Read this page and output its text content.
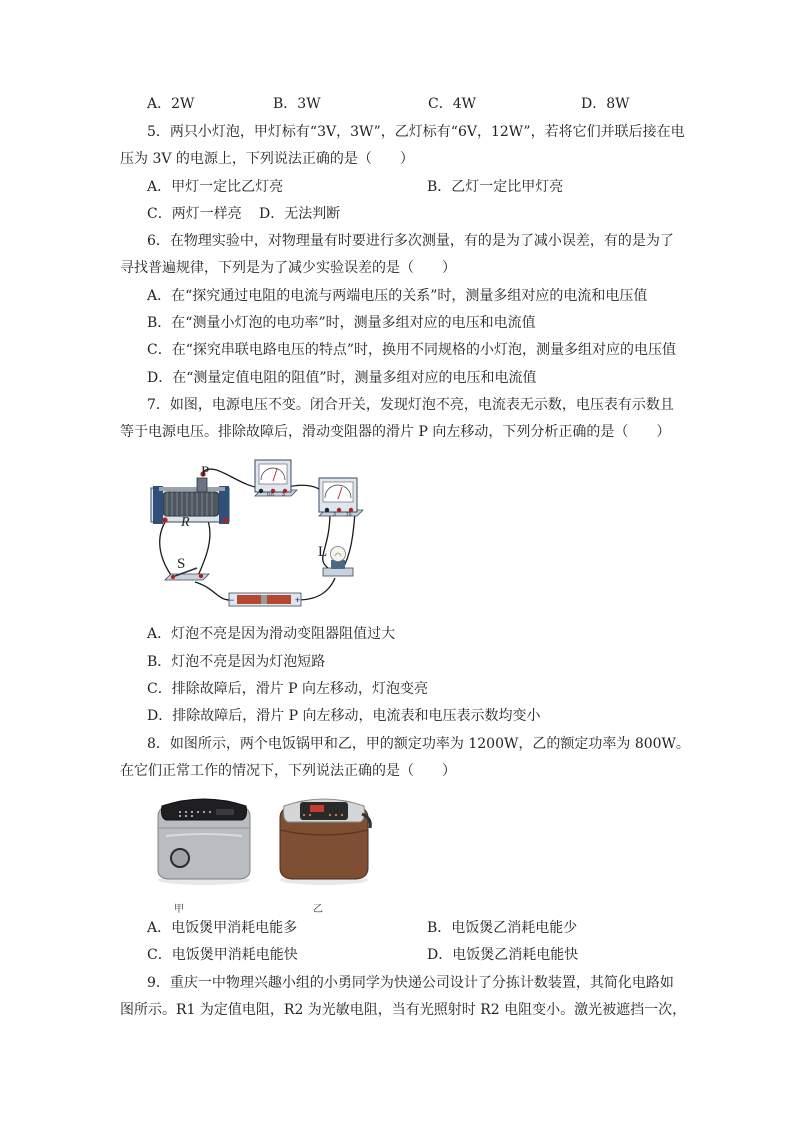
A．2W	B．3W	C．4W	D．8W
5．两只小灯泡，甲灯标有“3V，3W”，乙灯标有“6V，12W”，若将它们并联后接在电
压为 3V 的电源上，下列说法正确的是（　　）
A．甲灯一定比乙灯亮	B．乙灯一定比甲灯亮
C．两灯一样亮 D．无法判断
6．在物理实验中，对物理量有时要进行多次测量，有的是为了减小误差，有的是为了
寻找普遍规律，下列是为了减少实验误差的是（　　）
A．在“探究通过电阻的电流与两端电压的关系”时，测量多组对应的电流和电压值
B．在“测量小灯泡的电功率”时，测量多组对应的电压和电流值
C．在“探究串联电路电压的特点”时，换用不同规格的小灯泡，测量多组对应的电压值
D．在“测量定值电阻的阻值”时，测量多组对应的电压和电流值
7．如图，电源电压不变。闭合开关，发现灯泡不亮，电流表无示数，电压表有示数且
等于电源电压。排除故障后，滑动变阻器的滑片 P 向左移动，下列分析正确的是（　　）
P
R
0.6 3
3 15
L
S
−	+
A．灯泡不亮是因为滑动变阻器阻值过大
B．灯泡不亮是因为灯泡短路
C．排除故障后，滑片 P 向左移动，灯泡变亮
D．排除故障后，滑片 P 向左移动，电流表和电压表示数均变小
8．如图所示，两个电饭锅甲和乙，甲的额定功率为 1200W，乙的额定功率为 800W。
在它们正常工作的情况下，下列说法正确的是（　　）
甲	乙
A．电饭煲甲消耗电能多	B．电饭煲乙消耗电能少
C．电饭煲甲消耗电能快	D．电饭煲乙消耗电能快
9．重庆一中物理兴趣小组的小勇同学为快递公司设计了分拣计数装置，其简化电路如
图所示。R1 为定值电阻，R2 为光敏电阻，当有光照射时 R2 电阻变小。激光被遮挡一次，
